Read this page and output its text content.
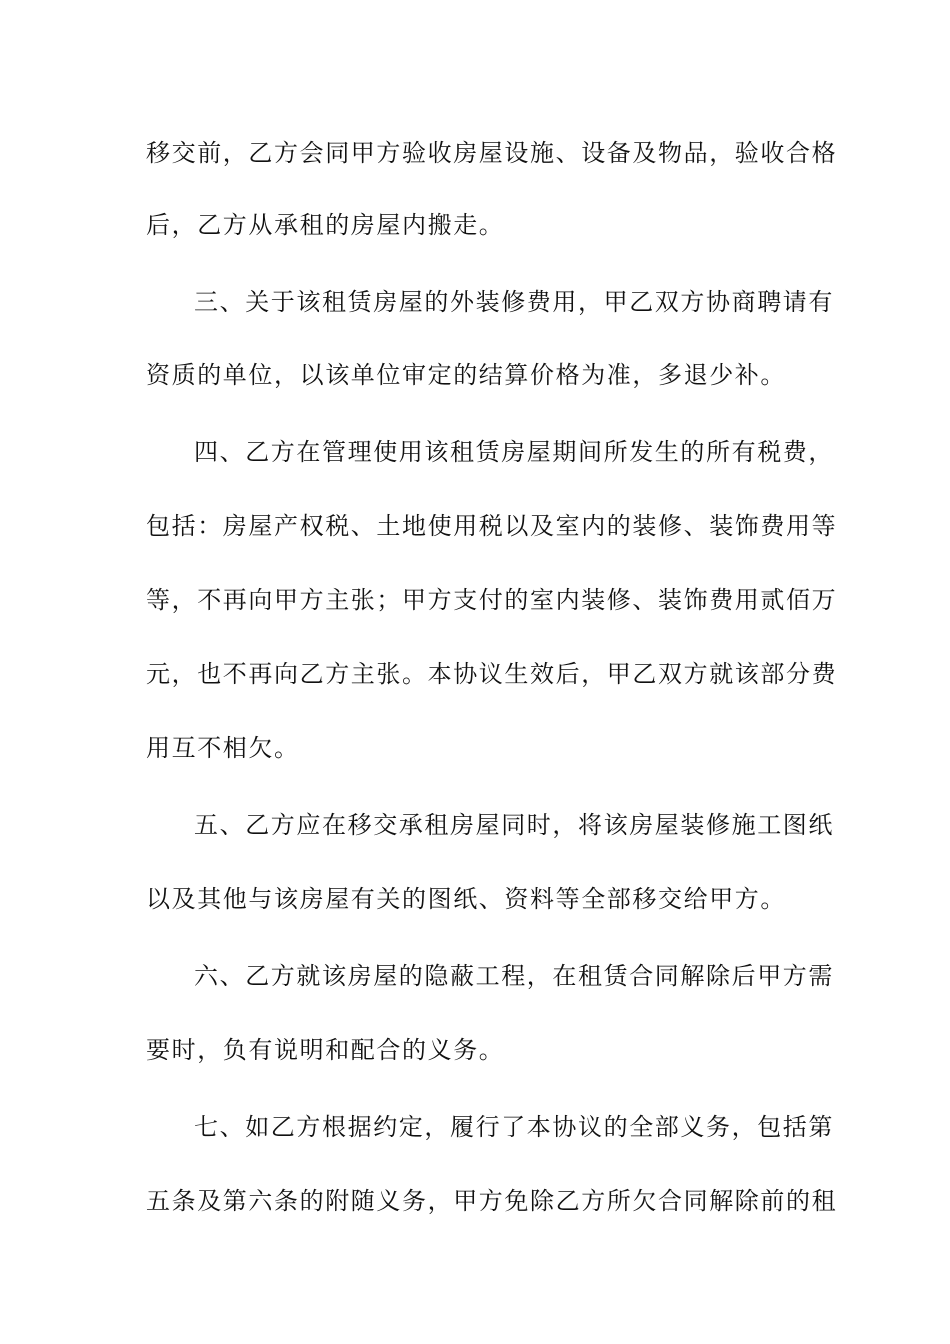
移交前，乙方会同甲方验收房屋设施、设备及物品，验收合格
后，乙方从承租的房屋内搬走。
三、关于该租赁房屋的外装修费用，甲乙双方协商聘请有
资质的单位，以该单位审定的结算价格为准，多退少补。
四、乙方在管理使用该租赁房屋期间所发生的所有税费，
包括：房屋产权税、土地使用税以及室内的装修、装饰费用等
等，不再向甲方主张；甲方支付的室内装修、装饰费用贰佰万
元，也不再向乙方主张。本协议生效后，甲乙双方就该部分费
用互不相欠。
五、乙方应在移交承租房屋同时，将该房屋装修施工图纸
以及其他与该房屋有关的图纸、资料等全部移交给甲方。
六、乙方就该房屋的隐蔽工程，在租赁合同解除后甲方需
要时，负有说明和配合的义务。
七、如乙方根据约定，履行了本协议的全部义务，包括第
五条及第六条的附随义务，甲方免除乙方所欠合同解除前的租
